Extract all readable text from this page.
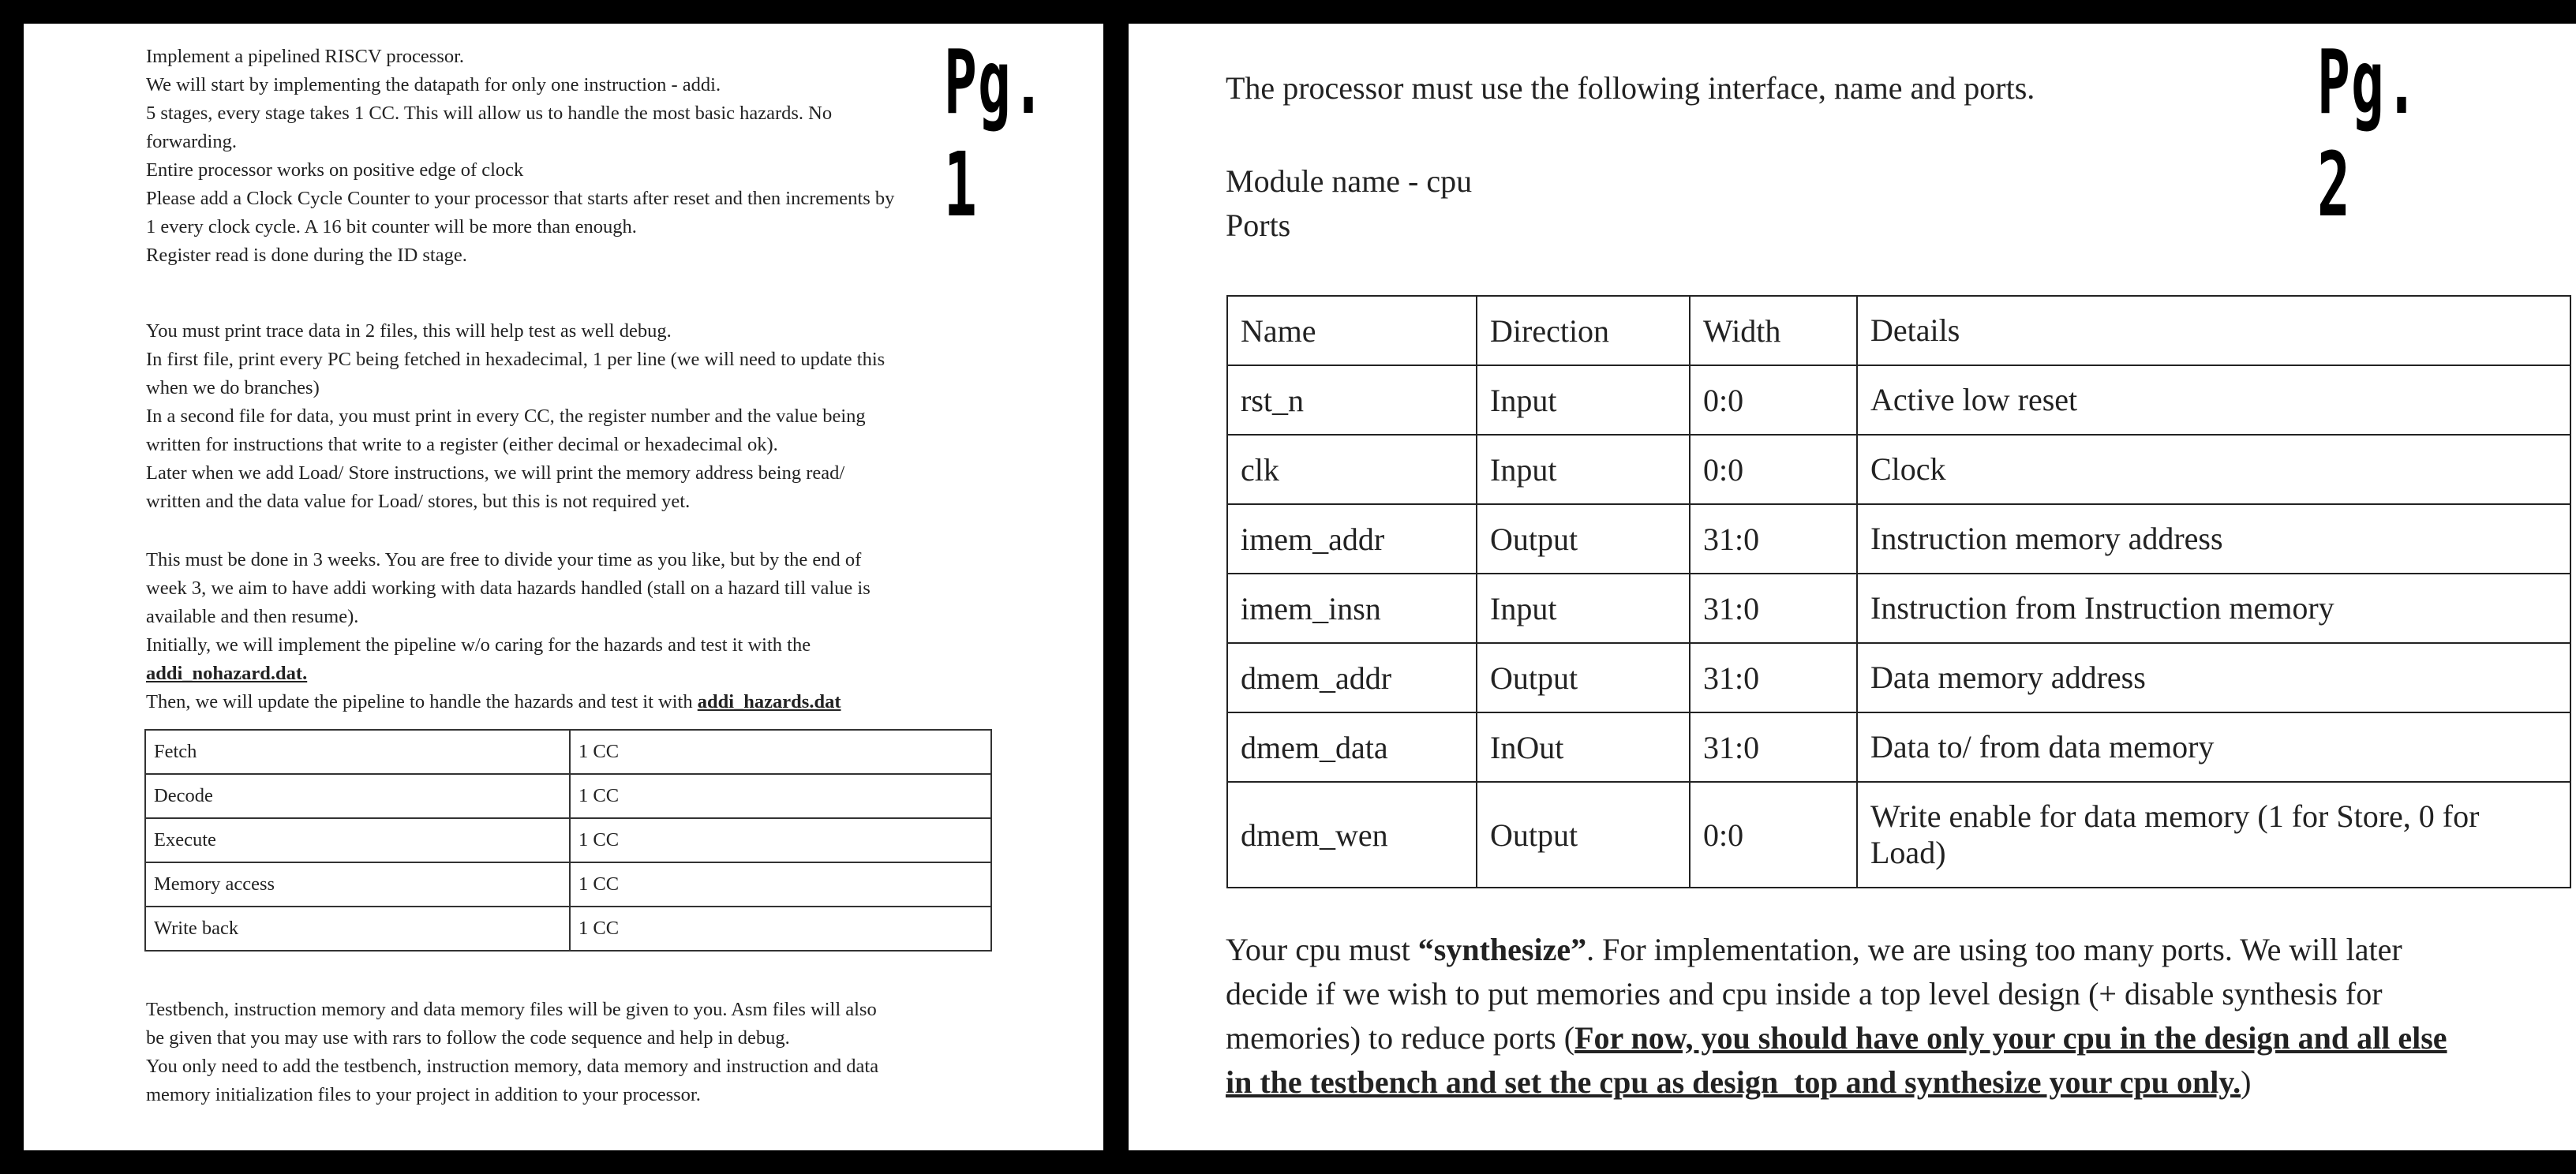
Pg. 1
Implement a pipelined RISCV processor.
We will start by implementing the datapath for only one instruction - addi.
5 stages, every stage takes 1 CC. This will allow us to handle the most basic hazards. No
forwarding.
Entire processor works on positive edge of clock
Please add a Clock Cycle Counter to your processor that starts after reset and then increments by
1 every clock cycle. A 16 bit counter will be more than enough.
Register read is done during the ID stage.
You must print trace data in 2 files, this will help test as well debug.
In first file, print every PC being fetched in hexadecimal, 1 per line (we will need to update this
when we do branches)
In a second file for data, you must print in every CC, the register number and the value being
written for instructions that write to a register (either decimal or hexadecimal ok).
Later when we add Load/ Store instructions, we will print the memory address being read/
written and the data value for Load/ stores, but this is not required yet.
This must be done in 3 weeks. You are free to divide your time as you like, but by the end of
week 3, we aim to have addi working with data hazards handled (stall on a hazard till value is
available and then resume).
Initially, we will implement the pipeline w/o caring for the hazards and test it with the
addi_nohazard.dat.
Then, we will update the pipeline to handle the hazards and test it with addi_hazards.dat
Fetch	1 CC
Decode	1 CC
Execute	1 CC
Memory access	1 CC
Write back	1 CC
Testbench, instruction memory and data memory files will be given to you. Asm files will also
be given that you may use with rars to follow the code sequence and help in debug.
You only need to add the testbench, instruction memory, data memory and instruction and data
memory initialization files to your project in addition to your processor.
Pg. 2
The processor must use the following interface, name and ports.
Module name - cpu
Ports
Name	Direction	Width	Details
rst_n	Input	0:0	Active low reset
clk	Input	0:0	Clock
imem_addr	Output	31:0	Instruction memory address
imem_insn	Input	31:0	Instruction from Instruction memory
dmem_addr	Output	31:0	Data memory address
dmem_data	InOut	31:0	Data to/ from data memory
dmem_wen	Output	0:0	Write enable for data memory (1 for Store, 0 for Load)
Your cpu must “synthesize”. For implementation, we are using too many ports. We will later
decide if we wish to put memories and cpu inside a top level design (+ disable synthesis for
memories) to reduce ports (For now, you should have only your cpu in the design and all else
in the testbench and set the cpu as design_top and synthesize your cpu only.)
